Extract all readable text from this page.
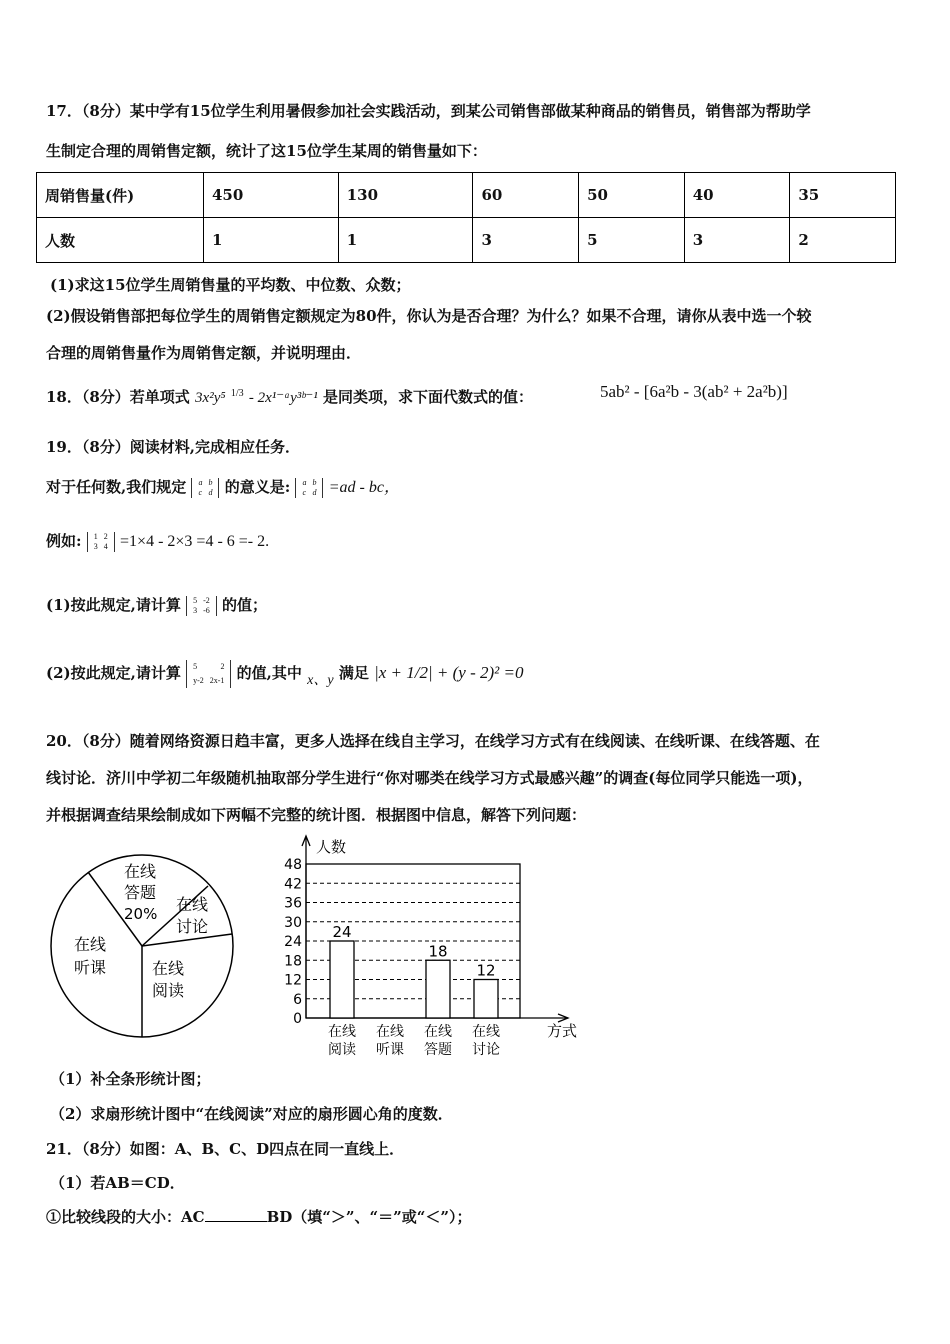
17．（8分）某中学有15位学生利用暑假参加社会实践活动，到某公司销售部做某种商品的销售员，销售部为帮助学
生制定合理的周销售定额，统计了这15位学生某周的销售量如下：
周销售量(件)	450	130	60	50	40	35
人数	1	1	3	5	3	2
(1)求这15位学生周销售量的平均数、中位数、众数；
(2)假设销售部把每位学生的周销售定额规定为80件，你认为是否合理？为什么？如果不合理，请你从表中选一个较
合理的周销售量作为周销售定额，并说明理由．
18．（8分）若单项式 3x²y⁵ $^{1/3}$ - 2x¹⁻ᵃy³ᵇ⁻¹ 是同类项，求下面代数式的值：	5ab² - [6a²b - 3(ab² + 2a²b)]
19．（8分）阅读材料,完成相应任务．
对于任何数,我们规定 a	b
c	d 的意义是: a	b
c	d =ad - bc，
例如: 1	2
3	4 =1×4 - 2×3 =4 - 6 =- 2.
(1)按此规定,请计算 5	-2
3	-6 的值；
(2)按此规定,请计算 5	2
y-2	2x-1 的值,其中 x、y 满足 |x + 1/2| + (y - 2)² =0
20．（8分）随着网络资源日趋丰富，更多人选择在线自主学习，在线学习方式有在线阅读、在线听课、在线答题、在
线讨论．济川中学初二年级随机抽取部分学生进行“你对哪类在线学习方式最感兴趣”的调查(每位同学只能选一项)，
并根据调查结果绘制成如下两幅不完整的统计图．根据图中信息，解答下列问题：
在线
答题
20% 在线
讨论
在线
听课	在线
阅读
人数
方式
0
6
12
18
24
30
36
42
48
24
在线
阅读
在线
听课
18
在线
答题
12
在线
讨论
（1）补全条形统计图；
（2）求扇形统计图中“在线阅读”对应的扇形圆心角的度数．
21．（8分）如图：A、B、C、D四点在同一直线上．
（1）若AB＝CD．
①比较线段的大小：AC	BD（填“＞”、“＝”或“＜”）；
